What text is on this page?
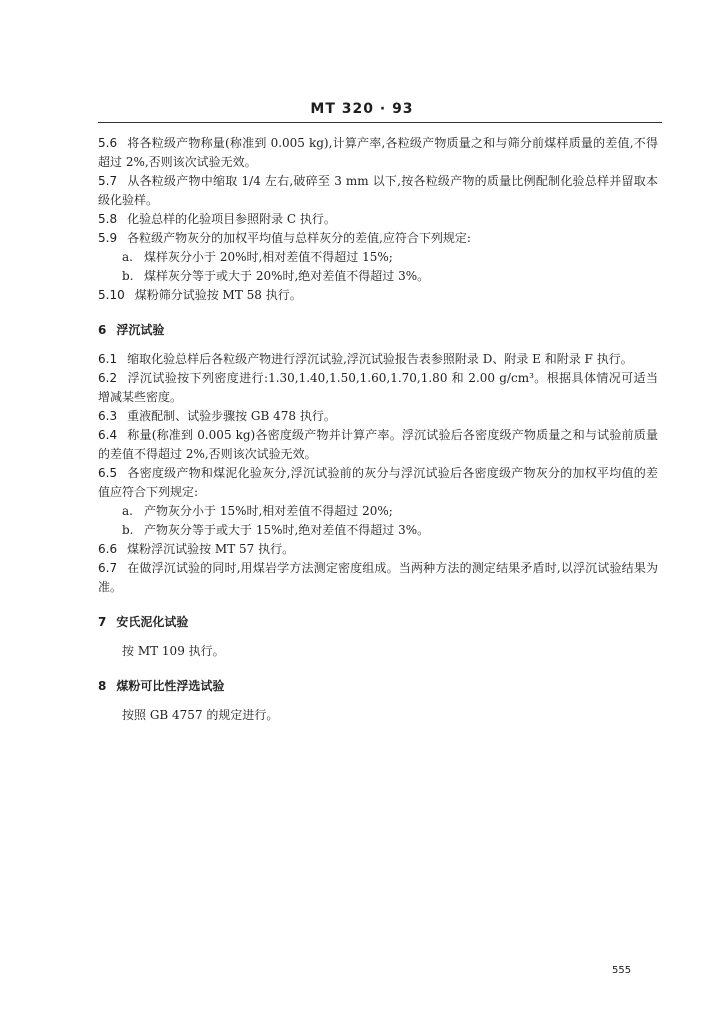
MT 320 · 93

5.6 将各粒级产物称量(称准到 0.005 kg),计算产率,各粒级产物质量之和与筛分前煤样质量的差值,不得超过 2%,否则该次试验无效。

5.7 从各粒级产物中缩取 1/4 左右,破碎至 3 mm 以下,按各粒级产物的质量比例配制化验总样并留取本级化验样。

5.8 化验总样的化验项目参照附录 C 执行。

5.9 各粒级产物灰分的加权平均值与总样灰分的差值,应符合下列规定:

a. 煤样灰分小于 20%时,相对差值不得超过 15%;

b. 煤样灰分等于或大于 20%时,绝对差值不得超过 3%。

5.10 煤粉筛分试验按 MT 58 执行。

6 浮沉试验

6.1 缩取化验总样后各粒级产物进行浮沉试验,浮沉试验报告表参照附录 D、附录 E 和附录 F 执行。

6.2 浮沉试验按下列密度进行:1.30,1.40,1.50,1.60,1.70,1.80 和 2.00 g/cm³。根据具体情况可适当增减某些密度。

6.3 重液配制、试验步骤按 GB 478 执行。

6.4 称量(称准到 0.005 kg)各密度级产物并计算产率。浮沉试验后各密度级产物质量之和与试验前质量的差值不得超过 2%,否则该次试验无效。

6.5 各密度级产物和煤泥化验灰分,浮沉试验前的灰分与浮沉试验后各密度级产物灰分的加权平均值的差值应符合下列规定:

a. 产物灰分小于 15%时,相对差值不得超过 20%;

b. 产物灰分等于或大于 15%时,绝对差值不得超过 3%。

6.6 煤粉浮沉试验按 MT 57 执行。

6.7 在做浮沉试验的同时,用煤岩学方法测定密度组成。当两种方法的测定结果矛盾时,以浮沉试验结果为准。

7 安氏泥化试验

按 MT 109 执行。

8 煤粉可比性浮选试验

按照 GB 4757 的规定进行。

555
